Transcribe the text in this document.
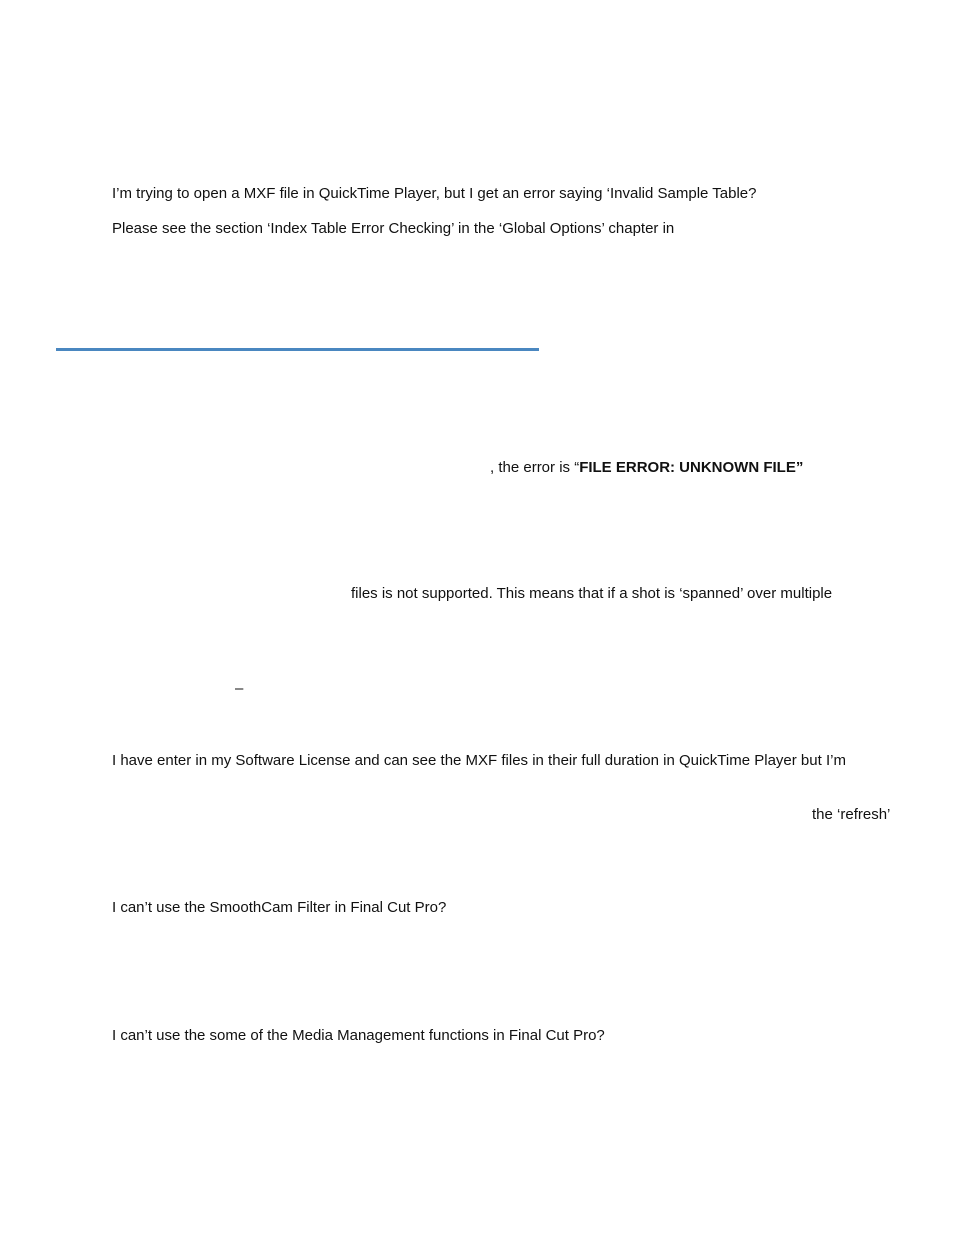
I’m trying to open a MXF file in QuickTime Player, but I get an error saying ‘Invalid Sample Table?
Please see the section ‘Index Table Error Checking’ in the ‘Global Options’ chapter in
, the error is “FILE ERROR: UNKNOWN FILE”
files is not supported. This means that if a shot is ‘spanned’ over multiple
–
I have enter in my Software License and can see the MXF files in their full duration in QuickTime Player but I’m
the ‘refresh’
I can’t use the SmoothCam Filter in Final Cut Pro?
I can’t use the some of the Media Management functions in Final Cut Pro?
